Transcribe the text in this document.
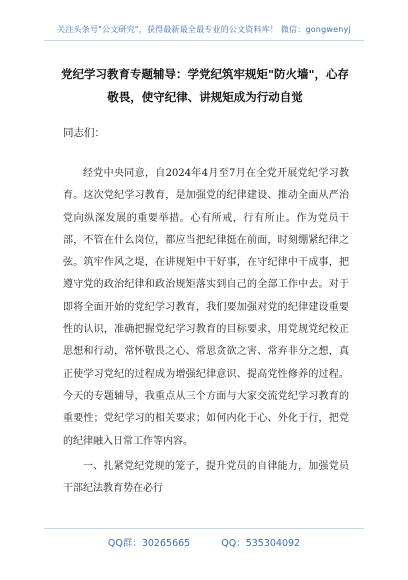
关注头条号"公文研究"，获得最新最全最专业的公文资料库！ 微信：gongwenyj
党纪学习教育专题辅导：学党纪筑牢规矩"防火墙"，心存敬畏，使守纪律、讲规矩成为行动自觉
同志们：
经党中央同意，自2024年4月至7月在全党开展党纪学习教育。这次党纪学习教育，是加强党的纪律建设、推动全面从严治党向纵深发展的重要举措。心有所戒，行有所止。作为党员干部，不管在什么岗位，都应当把纪律挺在前面，时刻绷紧纪律之弦。筑牢作风之堤，在讲规矩中干好事，在守纪律中干成事，把遵守党的政治纪律和政治规矩落实到自己的全部工作中去。对于即将全面开始的党纪学习教育，我们要加强对党的纪律建设重要性的认识，准确把握党纪学习教育的目标要求，用党规党纪校正思想和行动，常怀敬畏之心、常思贪欲之害、常弃非分之想，真正使学习党纪的过程成为增强纪律意识、提高党性修养的过程。今天的专题辅导，我重点从三个方面与大家交流党纪学习教育的重要性；党纪学习的相关要求；如何内化于心、外化于行，把党的纪律融入日常工作等内容。
一、扎紧党纪党规的笼子，提升党员的自律能力，加强党员干部纪法教育势在必行
QQ群：30265665	QQ：535304092
